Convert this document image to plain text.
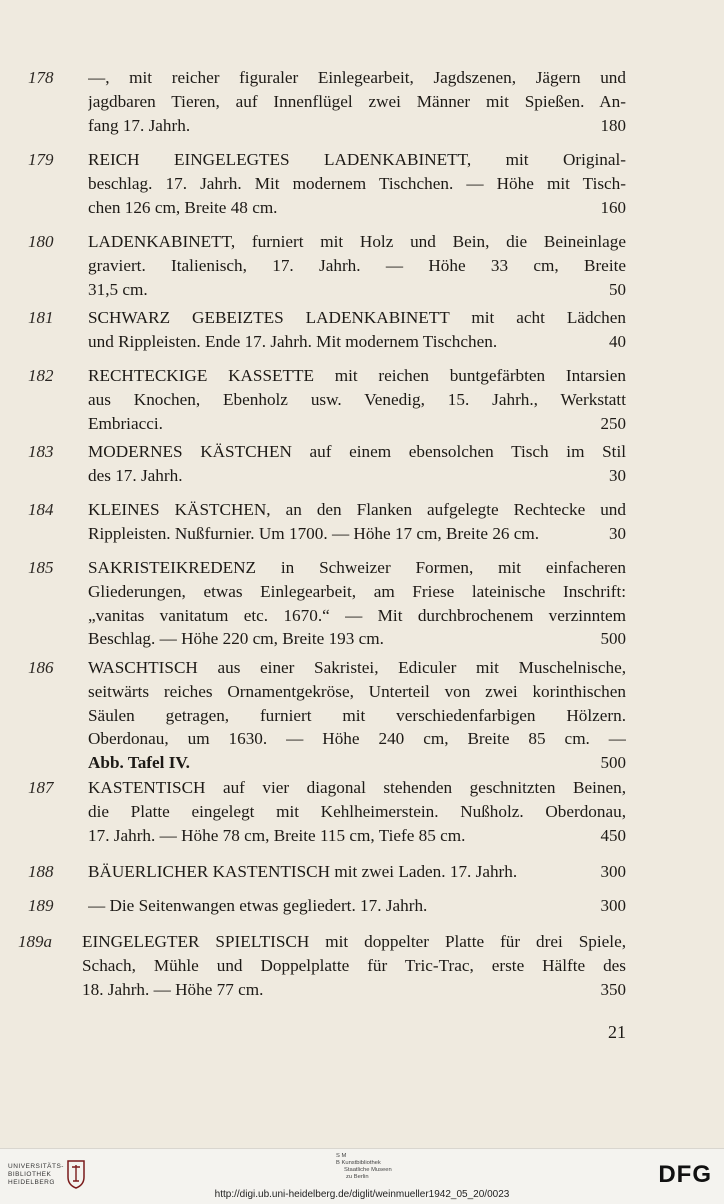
178	—, mit reicher figuraler Einlegearbeit, Jagdszenen, Jägern und
jagdbaren Tieren, auf Innenflügel zwei Männer mit Spießen. An-
fang 17. Jahrh.	180
179	REICH EINGELEGTES LADENKABINETT, mit Original-
beschlag. 17. Jahrh. Mit modernem Tischchen. — Höhe mit Tisch-
chen 126 cm, Breite 48 cm.	160
180	LADENKABINETT, furniert mit Holz und Bein, die Beineinlage
graviert. Italienisch, 17. Jahrh. — Höhe 33 cm, Breite
31,5 cm.	50
181	SCHWARZ GEBEIZTES LADENKABINETT mit acht Lädchen
und Rippleisten. Ende 17. Jahrh. Mit modernem Tischchen.	40
182	RECHTECKIGE KASSETTE mit reichen buntgefärbten Intarsien
aus Knochen, Ebenholz usw. Venedig, 15. Jahrh., Werkstatt
Embriacci.	250
183	MODERNES KÄSTCHEN auf einem ebensolchen Tisch im Stil
des 17. Jahrh.	30
184	KLEINES KÄSTCHEN, an den Flanken aufgelegte Rechtecke und
Rippleisten. Nußfurnier. Um 1700. — Höhe 17 cm, Breite 26 cm.	30
185	SAKRISTEIKREDENZ in Schweizer Formen, mit einfacheren
Gliederungen, etwas Einlegearbeit, am Friese lateinische Inschrift:
„vanitas vanitatum etc. 1670.“ — Mit durchbrochenem verzinntem
Beschlag. — Höhe 220 cm, Breite 193 cm.	500
186	WASCHTISCH aus einer Sakristei, Ediculer mit Muschelnische,
seitwärts reiches Ornamentgekröse, Unterteil von zwei korinthischen
Säulen getragen, furniert mit verschiedenfarbigen Hölzern.
Oberdonau, um 1630. — Höhe 240 cm, Breite 85 cm. —
Abb. Tafel IV.	500
187	KASTENTISCH auf vier diagonal stehenden geschnitzten Beinen,
die Platte eingelegt mit Kehlheimerstein. Nußholz. Oberdonau,
17. Jahrh. — Höhe 78 cm, Breite 115 cm, Tiefe 85 cm.	450
188	BÄUERLICHER KASTENTISCH mit zwei Laden. 17. Jahrh.	300
189	— Die Seitenwangen etwas gegliedert. 17. Jahrh.	300
189a	EINGELEGTER SPIELTISCH mit doppelter Platte für drei Spiele,
Schach, Mühle und Doppelplatte für Tric-Trac, erste Hälfte des
18. Jahrh. — Höhe 77 cm.	350
21
UNIVERSITÄTS-
BIBLIOTHEK
HEIDELBERG
S M
B Kunstbibliothek
Staatliche Museen
zu Berlin	DFG
http://digi.ub.uni-heidelberg.de/diglit/weinmueller1942_05_20/0023
